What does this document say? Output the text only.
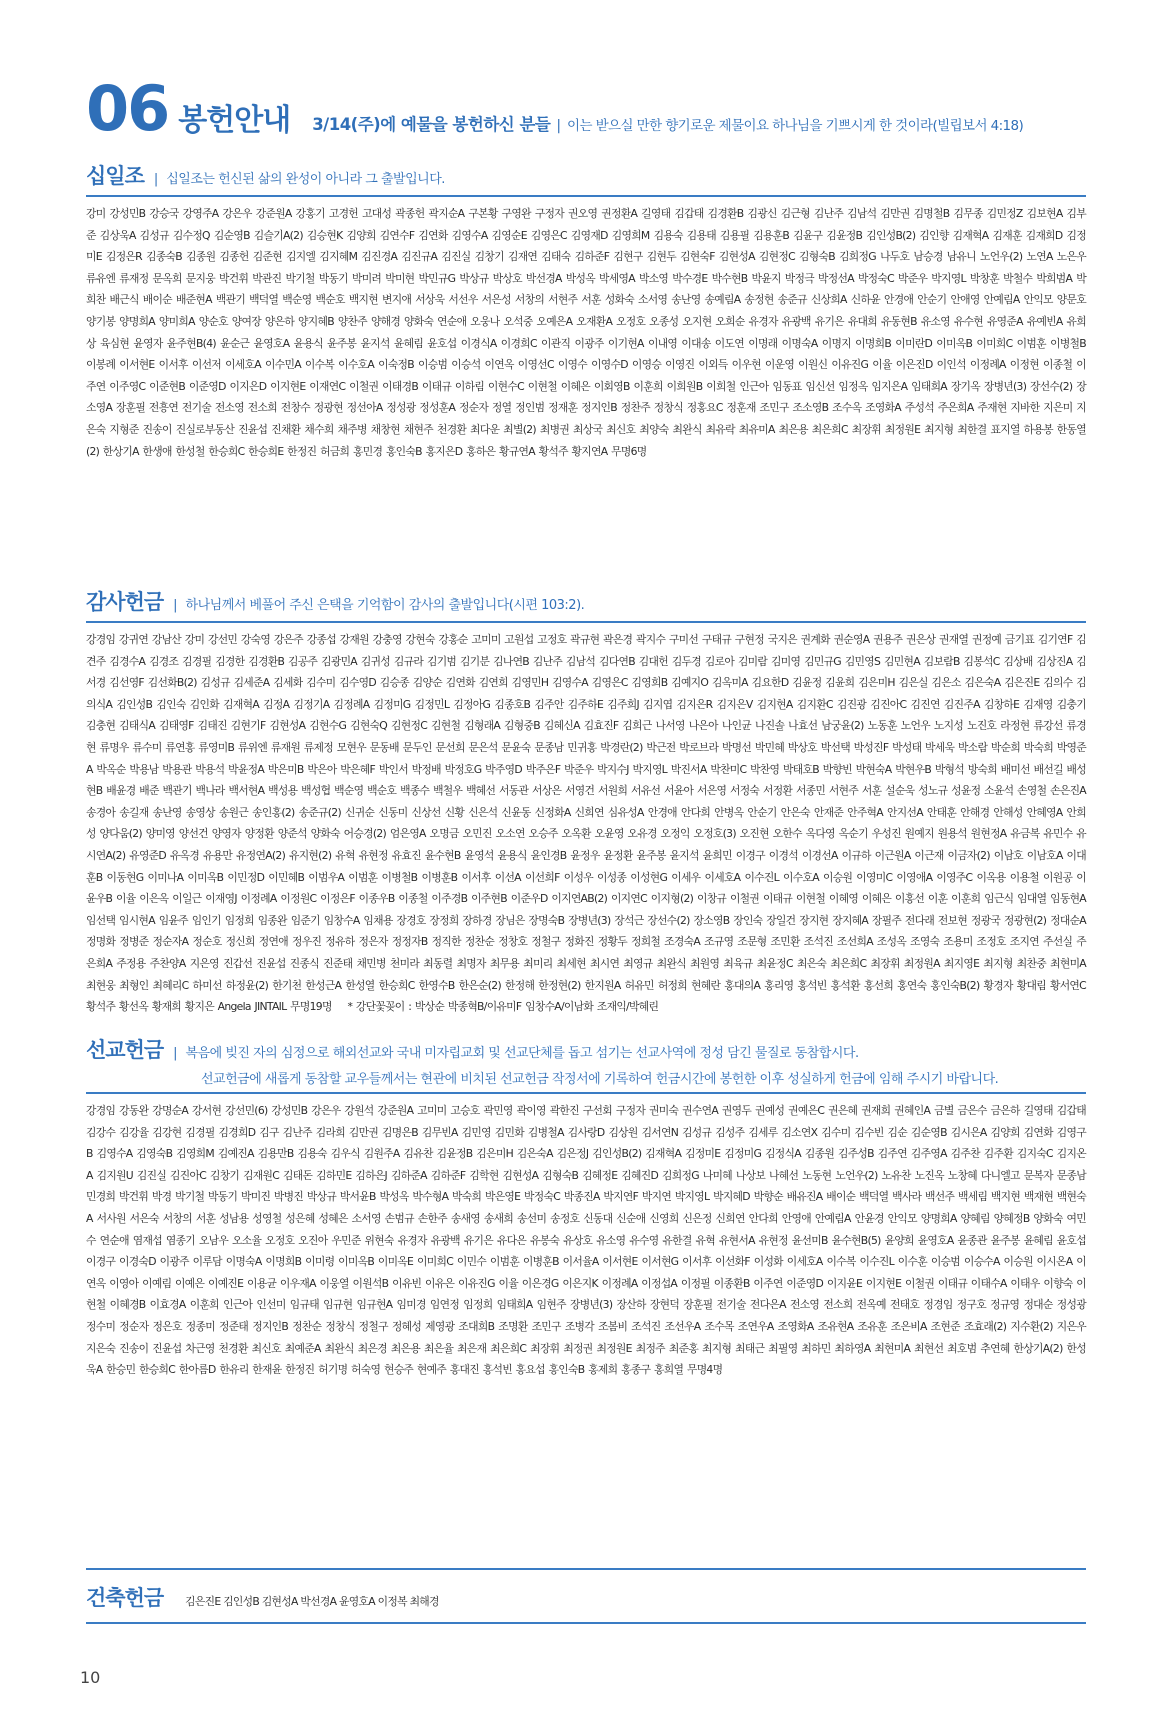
06 봉헌안내 3/14(주)에 예물을 봉헌하신 분들 | 이는 받으실 만한 향기로운 제물이요 하나님을 기쁘시게 한 것이라(빌립보서 4:18)
십일조 | 십일조는 헌신된 삶의 완성이 아니라 그 출발입니다.
강미 강성민B 강승국 강영주A 강은우 강준원A 강홍기 고경헌 고대성 곽종헌 곽지순A 구본황 구영완 구정자 권오영 권정환A 길영태 김갑태 김경환B 김광신 김근형 김난주 김남석 김만권 김명철B 김무종 김민정Z 김보현A 김부준 김상욱A 김성규 김수정Q 김순영B 김슬기A(2) 김승현K 김양희 김연수F 김연화 김영수A 김영순E 김영은C 김영재D 김영희M 김용숙 김용태 김용필 김용훈B 김윤구 김윤정B 김인성B(2) 김인향 김재혁A 김재훈 김재희D 김정미E 김정은R 김종숙B 김종원 김종헌 김준현 김지엘 김지혜M 김진경A 김진규A 김진실 김창기 김재연 김태숙 김하준F 김현구 김현두 김현숙F 김현성A 김현정C 김형숙B 김희정G 나두호 남승경 남유니 노언우(2) 노연A 노은우 류유엔 류재정 문옥희 문지웅 박건휘 박관진 박기철 박동기 박미려 박미현 박민규G 박상규 박상호 박선경A 박성옥 박세영A 박소영 박수경E 박수현B 박윤지 박정극 박정선A 박정숙C 박준우 박지영L 박창훈 박철수 박희범A 박희찬 배근식 배이순 배준현A 백관기 백덕열 백순영 백순호 백지현 변지애 서상욱 서선우 서은성 서창의 서현주 서훈 성화숙 소서영 송난영 송예림A 송정현 송준규 신상희A 신하윤 안경애 안순기 안애영 안예림A 안익모 양문호 양기봉 양명희A 양미희A 양순호 양여장 양은하 양지혜B 양찬주 양해경 양화숙 연순애 오웅나 오석중 오예은A 오재환A 오정호 오종성 오지현 오희순 유경자 유광백 유기은 유대희 유동현B 유소영 유수현 유영준A 유예빈A 유희상 육심현 윤영자 윤주현B(4) 윤순근 윤영호A 윤용식 윤주봉 윤지석 윤혜림 윤호섭 이경식A 이경희C 이관직 이광주 이기현A 이내영 이대송 이도연 이명래 이명숙A 이명지 이명희B 이미란D 이미옥B 이미희C 이범훈 이병철B 이봉례 이서현E 이서후 이선저 이세호A 이수민A 이수복 이수호A 이숙정B 이승범 이승석 이연옥 이영선C 이영수 이영수D 이영승 이영진 이외득 이우현 이운영 이원신 이유진G 이율 이은진D 이인석 이정례A 이정현 이종철 이주연 이주영C 이준현B 이준영D 이지은D 이지현E 이재연C 이철권 이태경B 이태규 이하림 이현수C 이현철 이혜은 이회영B 이훈희 이희원B 이희철 인근아 임동표 임신선 임정옥 임지은A 임태희A 장기옥 장병년(3) 장선수(2) 장소영A 장훈필 전흥연 전기술 전소영 전소희 전창수 정광현 정선아A 정성광 정성훈A 정순자 정열 정인범 정재훈 정지인B 정찬주 정창식 정홍요C 정훈재 조민구 조소영B 조수옥 조영화A 주성석 주은희A 주재현 지바한 지은미 지은숙 지형준 진송이 진실로부동산 진윤섭 진채환 채수희 채주병 채창현 채현주 천경환 최다운 최별(2) 최병권 최상국 최신호 최양숙 최완식 최유락 최유미A 최은용 최은희C 최장휘 최정원E 최지형 최한결 표지열 하용봉 한동열(2) 한상기A 한생애 한성철 한승희C 한승희E 한정진 허금희 홍민경 홍인숙B 홍지은D 홍하은 황규연A 황석주 황지연A 무명6명
감사헌금 | 하나님께서 베풀어 주신 은택을 기억함이 감사의 출발입니다(시편 103:2).
강경임 강귀연 강남산 강미 강선민 강숙영 강은주 강종섭 강재원 강충영 강현숙 강홍순 고미미 고원섭 고정호 곽규현 곽은경 곽지수 구미선 구태규 구현정 국지은 권계화 권순영A 권용주 권은상 권재열 권정예 금기표 김기연F 김견주 김경수A 김경조 김경필 김경한 김경환B 김공주 김광민A 김귀성 김규라 김기범 김기분 김나연B 김난주 김남석 김다연B 김대헌 김두경 김로아 김미람 김미영 김민규G 김민영S 김민현A 김보람B 김봉석C 김상배 김상진A 김서경 김선영F 김선화B(2) 김성규 김세준A 김세화 김수미 김수영D 김승종 김양순 김연화 김연희 김영민H 김영수A 김영은C 김영희B 김예지O 김옥미A 김요한D 김윤정 김윤희 김은미H 김은실 김은소 김은숙A 김은진E 김의수 김의식A 김인성B 김인숙 김인화 김재혁A 김정A 김정기A 김정례A 김정미G 김정민L 김정아G 김종호B 김주안 김주하E 김주희J 김지엽 김지은R 김지은V 김지현A 김지환C 김진광 김진아C 김진연 김진주A 김창하E 김재영 김충기 김충현 김태식A 김태영F 김태진 김현기F 김현성A 김현수G 김현숙Q 김현정C 김현철 김형래A 김형중B 김혜신A 김효진F 김희근 나서영 나은아 나인균 나진솔 나효선 남궁윤(2) 노동훈 노언우 노지성 노진호 라정현 류강선 류경현 류명우 류수미 류연홍 류영미B 류위엔 류재원 류제정 모현우 문동배 문두인 문선희 문은석 문윤숙 문종남 민귀홍 박경란(2) 박근전 박로브라 박명선 박민혜 박상호 박선택 박성진F 박성태 박세욱 박소람 박순희 박숙희 박영준A 박옥순 박용남 박용관 박용석 박윤정A 박은미B 박은아 박은혜F 박인서 박정배 박정호G 박주영D 박주은F 박준우 박지수J 박지영L 박진서A 박찬미C 박찬영 박태호B 박향빈 박현숙A 박현우B 박형석 방숙희 배미선 배선길 배성현B 배윤경 배준 백관기 백나라 백서현A 백성용 백성협 백순영 백순호 백종수 백철우 백혜선 서동관 서상은 서영건 서원희 서유선 서윤아 서은영 서정숙 서정환 서종민 서현주 서훈 설순욱 성노규 성윤정 소윤석 손영철 손은진A 송경아 송길재 송난영 송영상 송원근 송인홍(2) 송준규(2) 신귀순 신동미 신상선 신황 신은석 신윤동 신정화A 신희연 심유성A 안경애 안다희 안병옥 안순기 안은숙 안재준 안주혁A 안지선A 안태훈 안해경 안해성 안혜영A 안희성 양다움(2) 양미영 양선건 양영자 양정환 양준석 양화숙 어승경(2) 엄은영A 오명금 오민진 오소연 오승주 오옥환 오윤영 오유경 오정익 오정호(3) 오진현 오한수 옥다영 옥순기 우성진 원예지 원용석 원현정A 유금복 유민수 유시연A(2) 유영준D 유옥경 유용만 유정연A(2) 유지현(2) 유혁 유현정 유효진 윤수현B 윤영석 윤용식 윤인경B 윤정우 윤정환 윤주봉 윤지석 윤희민 이경구 이경석 이경선A 이규하 이근원A 이근재 이금자(2) 이남호 이남호A 이대훈B 이동현G 이미나A 이미옥B 이민정D 이민혜B 이범우A 이범훈 이병철B 이병훈B 이서후 이선A 이선희F 이성우 이성종 이성현G 이세우 이세호A 이수진L 이수호A 이승원 이영미C 이영애A 이영주C 이옥용 이용철 이원공 이윤우B 이율 이은옥 이일근 이재영J 이정례A 이정원C 이정은F 이종우B 이종철 이주경B 이주현B 이준우D 이지연AB(2) 이지연C 이지형(2) 이창규 이철권 이태규 이현철 이혜영 이혜은 이홍선 이훈 이훈희 임근식 임대열 임동현A 임선택 임시현A 임윤주 임인기 임정희 임종완 임준기 임창수A 임채용 장경호 장정희 장하경 장님은 장명숙B 장병년(3) 장석근 장선수(2) 장소영B 장인숙 장일건 장지현 장지혜A 장필주 전다래 전보현 정광국 정광현(2) 정대순A 정명화 정병준 정순자A 정순호 정신희 정연애 정우진 정유하 정은자 정정자B 정직한 정찬순 정창호 정철구 정화진 정황두 정희철 조경숙A 조규영 조문형 조민환 조석진 조선희A 조성옥 조영숙 조용미 조정호 조지연 주선실 주은희A 주정용 주찬양A 지은영 진갑선 진윤섭 진종식 진준태 채민병 천미라 최동렬 최명자 최무용 최미리 최세현 최시연 최영규 최완식 최원영 최육규 최윤정C 최은숙 최은희C 최장휘 최정원A 최지영E 최지형 최찬중 최현미A 최현웅 최형인 최혜리C 하미선 하정윤(2) 한기천 한성근A 한성열 한승희C 한영수B 한은순(2) 한정해 한정현(2) 한지원A 허유민 허정희 현혜란 홍대의A 홍리영 홍석빈 홍석환 홍선희 홍연숙 홍인숙B(2) 황경자 황대림 황서연C 황석주 황선옥 황재희 황지은 Angela JINTAIL 무명19명 * 강단꽃꽂이 : 박상순 박종혁B/이유미F 임창수A/이남화 조재익/박혜린
선교헌금 | 복음에 빚진 자의 심정으로 해외선교와 국내 미자립교회 및 선교단체를 돕고 섬기는 선교사역에 정성 담긴 물질로 동참합시다.
선교헌금에 새롭게 동참할 교우들께서는 현관에 비치된 선교헌금 작정서에 기록하여 헌금시간에 봉헌한 이후 성실하게 헌금에 임해 주시기 바랍니다.
강경임 강동완 강명순A 강서현 강선민(6) 강성민B 강은우 강원석 강준원A 고미미 고승호 곽민영 곽이영 곽한진 구선회 구정자 권미숙 권수연A 권영두 권예성 권예은C 권은혜 권재희 권혜인A 금별 금은수 금은하 길영태 김갑태 김강수 김강율 김강현 김경필 김경희D 김구 김난주 김라희 김만권 김명은B 김무빈A 김민영 김민화 김병철A 김사랑D 김상원 김서연N 김성규 김성주 김세루 김소연X 김수미 김수빈 김순 김순영B 김시은A 김양희 김연화 김영구B 김영수A 김영숙B 김영희M 김예진A 김용만B 김용숙 김우식 김원주A 김유찬 김윤정B 김은미H 김은숙A 김은정J 김인성B(2) 김재혁A 김정미E 김정미G 김정식A 김종원 김주성B 김주연 김주영A 김주찬 김주환 김지숙C 김지온A 김지원U 김진실 김진아C 김창기 김재원C 김태돈 김하민E 김하은J 김하준A 김하준F 김학현 김현성A 김형숙B 김혜정E 김혜진D 김희정G 나미혜 나상보 나혜선 노동현 노언우(2) 노유찬 노진옥 노창혜 다니엘고 문복자 문종남 민경희 박건휘 박경 박기철 박동기 박미진 박병진 박상규 박서윤B 박성옥 박수형A 박숙희 박은영E 박정숙C 박종진A 박지연F 박지연 박지영L 박지혜D 박향순 배유진A 배이순 백덕열 백사라 백선주 백세림 백지현 백재현 백현숙A 서사원 서은숙 서창의 서훈 성남용 성영철 성은혜 성혜은 소서영 손범규 손한주 송새영 송새희 송선미 송정호 신동대 신순애 신영희 신은정 신희연 안다희 안영애 안예림A 안윤경 안익모 양명희A 양혜림 양혜정B 양화숙 여민수 연순애 염재섭 염종기 오남우 오소율 오정호 오진아 우민준 위현숙 유경자 유광백 유기은 유다은 유봉숙 유상호 유소영 유수영 유한결 유혁 유현서A 유현정 윤선미B 윤수현B(5) 윤양희 윤영호A 윤종관 윤주봉 윤혜림 윤호섭 이경구 이경숙D 이광주 이루담 이명숙A 이명희B 이미령 이미옥B 이미옥E 이미희C 이민수 이범훈 이병훈B 이서율A 이서현E 이서현G 이서후 이선화F 이성화 이세호A 이수복 이수진L 이수훈 이승범 이승수A 이승원 이시온A 이연옥 이영아 이예림 이예은 이예진E 이용균 이우재A 이웅열 이원석B 이유빈 이유은 이유진G 이율 이은경G 이은지K 이정례A 이정섭A 이정필 이종환B 이주연 이준영D 이지윤E 이지현E 이철권 이태규 이태수A 이태우 이향숙 이현철 이혜경B 이효경A 이훈희 인근아 인선미 임규태 임규현 임규현A 임미경 임연정 임정희 임태희A 임현주 장병년(3) 장산하 장현덕 장훈필 전기술 전다은A 전소영 전소희 전옥예 전태호 정경임 정구호 정규영 정대순 정성광 정수미 정순자 정은호 정종미 정준태 정지인B 정찬순 정창식 정철구 정혜성 제영광 조대희B 조명환 조민구 조병각 조봄비 조석진 조선우A 조수목 조연우A 조영화A 조유현A 조유훈 조은비A 조현준 조효래(2) 지수환(2) 지은우 지은숙 진송이 진윤섭 차근영 천경환 최신호 최예준A 최완식 최은경 최은용 최은율 최은재 최은희C 최장휘 최정권 최정원E 최정주 최준홍 최지형 최태근 최필영 최하민 최하영A 최현미A 최현선 최호범 추연혜 한상기A(2) 한성욱A 한승민 한승희C 한아름D 한유리 한재윤 한정진 허기명 허숙영 현승주 현예주 홍대진 홍석빈 홍요섭 홍인숙B 홍제희 홍종구 홍희열 무명4명
건축헌금 김은진E 김인성B 김현성A 박선경A 윤영호A 이정복 최해경
10
